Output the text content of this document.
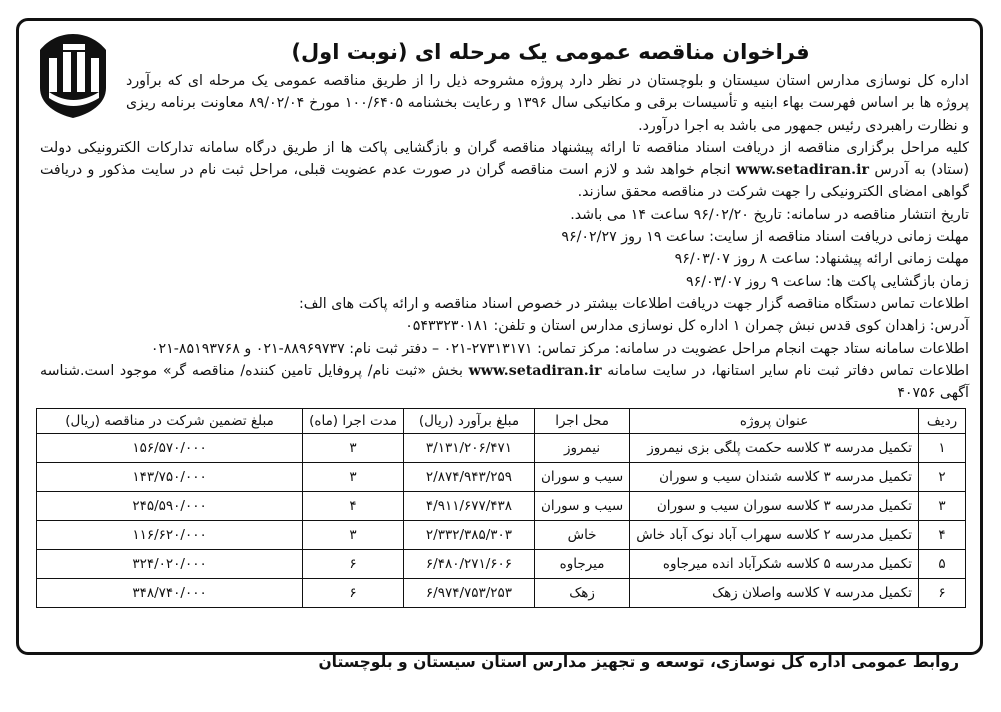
فراخوان مناقصه عمومی یک مرحله ای (نوبت اول)

اداره کل نوسازی مدارس استان سیستان و بلوچستان در نظر دارد پروژه مشروحه ذیل را از طریق مناقصه عمومی یک مرحله ای که برآورد پروژه ها بر اساس فهرست بهاء ابنیه و تأسیسات برقی و مکانیکی سال ۱۳۹۶ و رعایت بخشنامه ۱۰۰/۶۴۰۵ مورخ ۸۹/۰۲/۰۴ معاونت برنامه ریزی و نظارت راهبردی رئیس جمهور می باشد به اجرا درآورد.

کلیه مراحل برگزاری مناقصه از دریافت اسناد مناقصه تا ارائه پیشنهاد مناقصه گران و بازگشایی پاکت ها از طریق درگاه سامانه تدارکات الکترونیکی دولت (ستاد) به آدرس www.setadiran.ir انجام خواهد شد و لازم است مناقصه گران در صورت عدم عضویت قبلی، مراحل ثبت نام در سایت مذکور و دریافت گواهی امضای الکترونیکی را جهت شرکت در مناقصه محقق سازند.

تاریخ انتشار مناقصه در سامانه: تاریخ ۹۶/۰۲/۲۰ ساعت ۱۴ می باشد.

مهلت زمانی دریافت اسناد مناقصه از سایت: ساعت ۱۹ روز ۹۶/۰۲/۲۷

مهلت زمانی ارائه پیشنهاد: ساعت ۸ روز ۹۶/۰۳/۰۷

زمان بازگشایی پاکت ها: ساعت ۹ روز ۹۶/۰۳/۰۷

اطلاعات تماس دستگاه مناقصه گزار جهت دریافت اطلاعات بیشتر در خصوص اسناد مناقصه و ارائه پاکت های الف:

آدرس: زاهدان کوی قدس نبش چمران ۱ اداره کل نوسازی مدارس استان و تلفن: ۰۵۴۳۳۲۳۰۱۸۱

اطلاعات سامانه ستاد جهت انجام مراحل عضویت در سامانه: مرکز تماس: ۲۷۳۱۳۱۷۱-۰۲۱ – دفتر ثبت نام: ۸۸۹۶۹۷۳۷-۰۲۱ و ۸۵۱۹۳۷۶۸-۰۲۱

اطلاعات تماس دفاتر ثبت نام سایر استانها، در سایت سامانه www.setadiran.ir بخش «ثبت نام/ پروفایل تامین کننده/ مناقصه گر» موجود است.شناسه آگهی ۴۰۷۵۶

ردیف	عنوان پروژه	محل اجرا	مبلغ برآورد (ریال)	مدت اجرا (ماه)	مبلغ تضمین شرکت در مناقصه (ریال)
۱	تکمیل مدرسه ۳ کلاسه حکمت پلگی بزی نیمروز	نیمروز	۳/۱۳۱/۲۰۶/۴۷۱	۳	۱۵۶/۵۷۰/۰۰۰
۲	تکمیل مدرسه ۳ کلاسه شندان سیب و سوران	سیب و سوران	۲/۸۷۴/۹۴۳/۲۵۹	۳	۱۴۳/۷۵۰/۰۰۰
۳	تکمیل مدرسه ۳ کلاسه سوران سیب و سوران	سیب و سوران	۴/۹۱۱/۶۷۷/۴۳۸	۴	۲۴۵/۵۹۰/۰۰۰
۴	تکمیل مدرسه ۲ کلاسه سهراب آباد نوک آباد خاش	خاش	۲/۳۳۲/۳۸۵/۳۰۳	۳	۱۱۶/۶۲۰/۰۰۰
۵	تکمیل مدرسه ۵ کلاسه شکرآباد انده میرجاوه	میرجاوه	۶/۴۸۰/۲۷۱/۶۰۶	۶	۳۲۴/۰۲۰/۰۰۰
۶	تکمیل مدرسه ۷ کلاسه واصلان زهک	زهک	۶/۹۷۴/۷۵۳/۲۵۳	۶	۳۴۸/۷۴۰/۰۰۰
روابط عمومی اداره کل نوسازی، توسعه و تجهیز مدارس استان سیستان و بلوچستان
